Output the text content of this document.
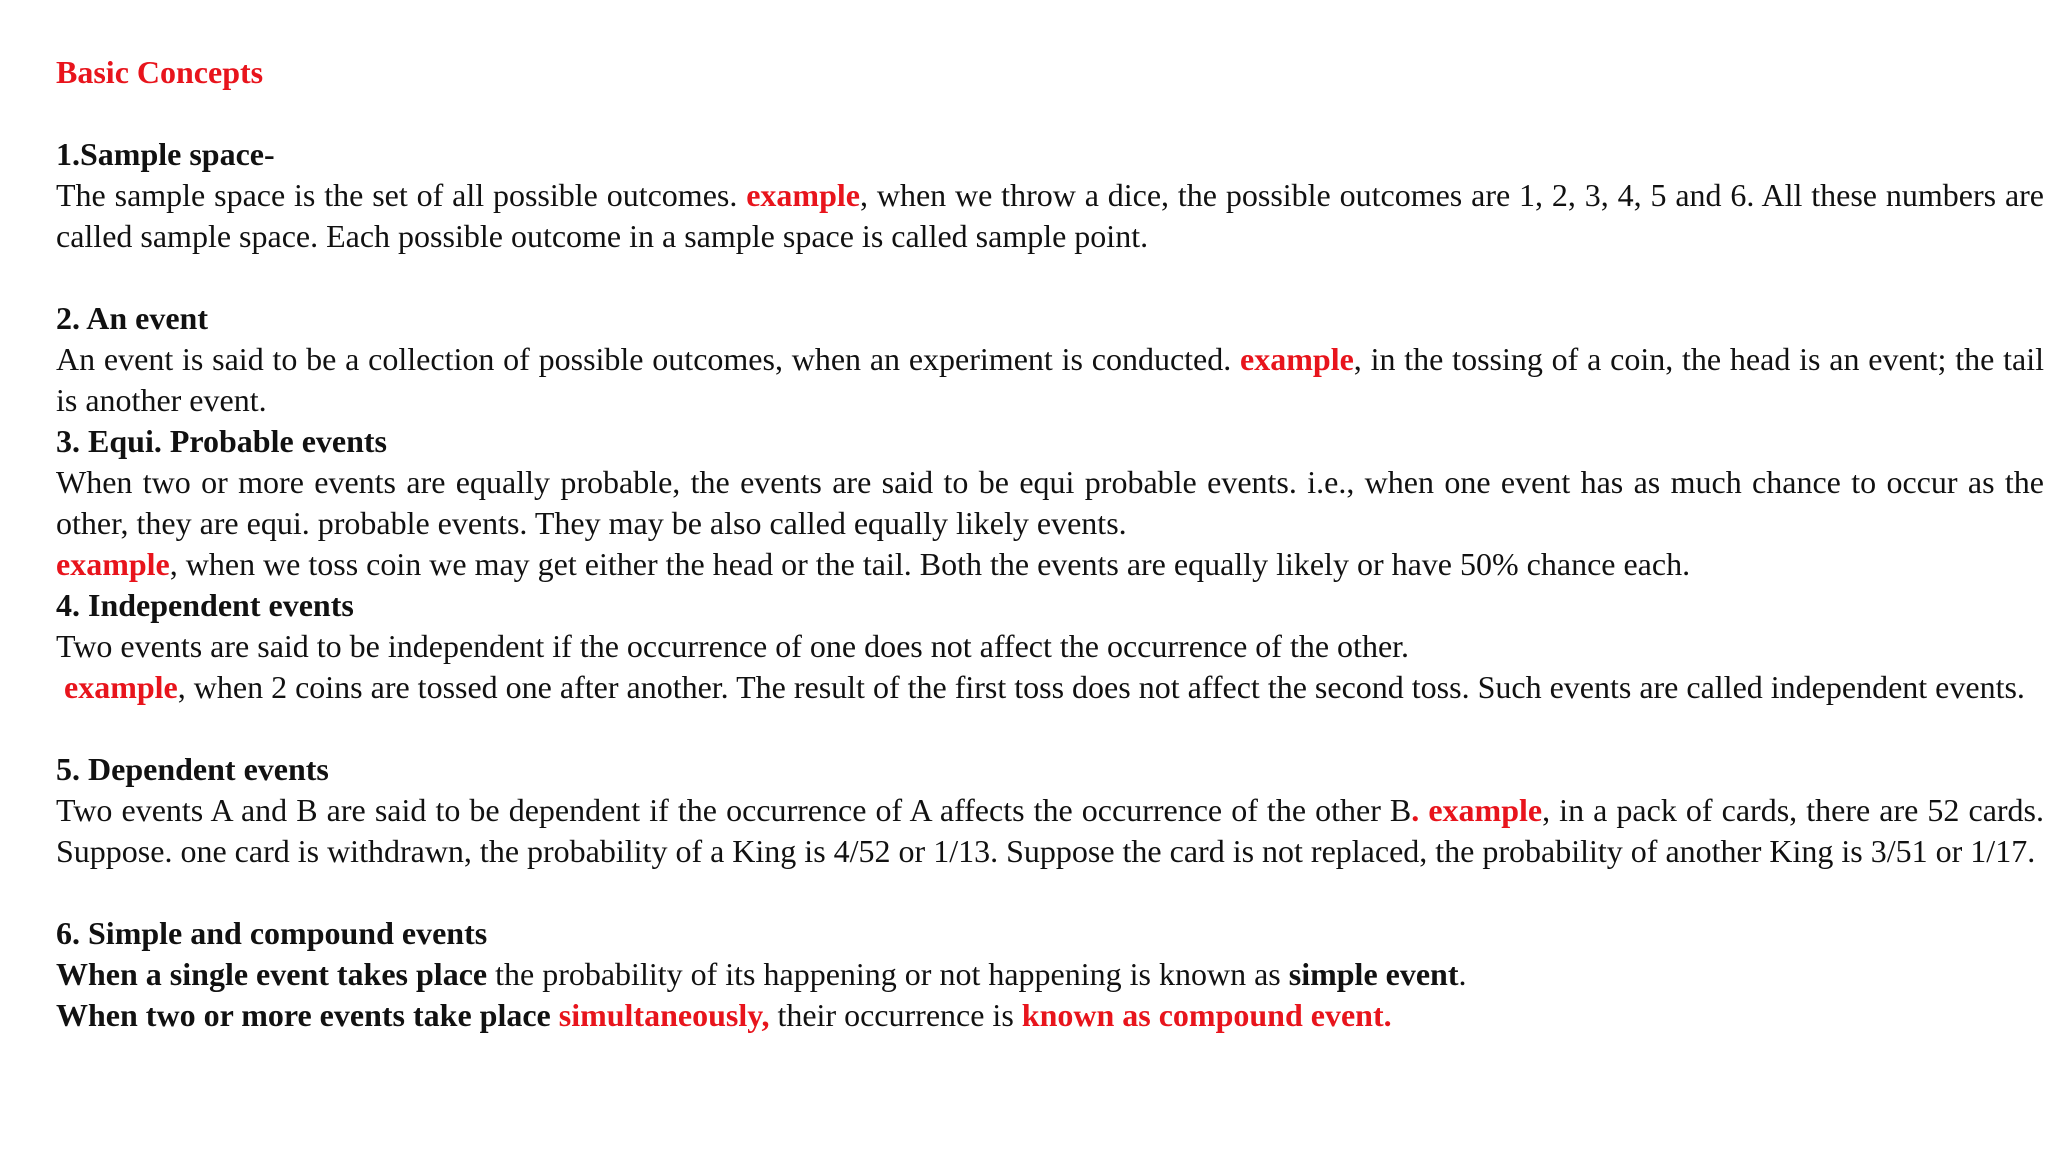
Basic Concepts
1.Sample space-

The sample space is the set of all possible outcomes. example, when we throw a dice, the possible outcomes are 1, 2, 3, 4, 5 and 6. All these numbers are called sample space. Each possible outcome in a sample space is called sample point.

2. An event

An event is said to be a collection of possible outcomes, when an experiment is conducted. example, in the tossing of a coin, the head is an event; the tail is another event.

3. Equi. Probable events

When two or more events are equally probable, the events are said to be equi probable events. i.e., when one event has as much chance to occur as the other, they are equi. probable events. They may be also called equally likely events.

example, when we toss coin we may get either the head or the tail. Both the events are equally likely or have 50% chance each.

4. Independent events

Two events are said to be independent if the occurrence of one does not affect the occurrence of the other.

example, when 2 coins are tossed one after another. The result of the first toss does not affect the second toss. Such events are called independent events.

5. Dependent events

Two events A and B are said to be dependent if the occurrence of A affects the occurrence of the other B. example, in a pack of cards, there are 52 cards. Suppose. one card is withdrawn, the probability of a King is 4/52 or 1/13. Suppose the card is not replaced, the probability of another King is 3/51 or 1/17.

6. Simple and compound events

When a single event takes place the probability of its happening or not happening is known as simple event.

When two or more events take place simultaneously, their occurrence is known as compound event.
